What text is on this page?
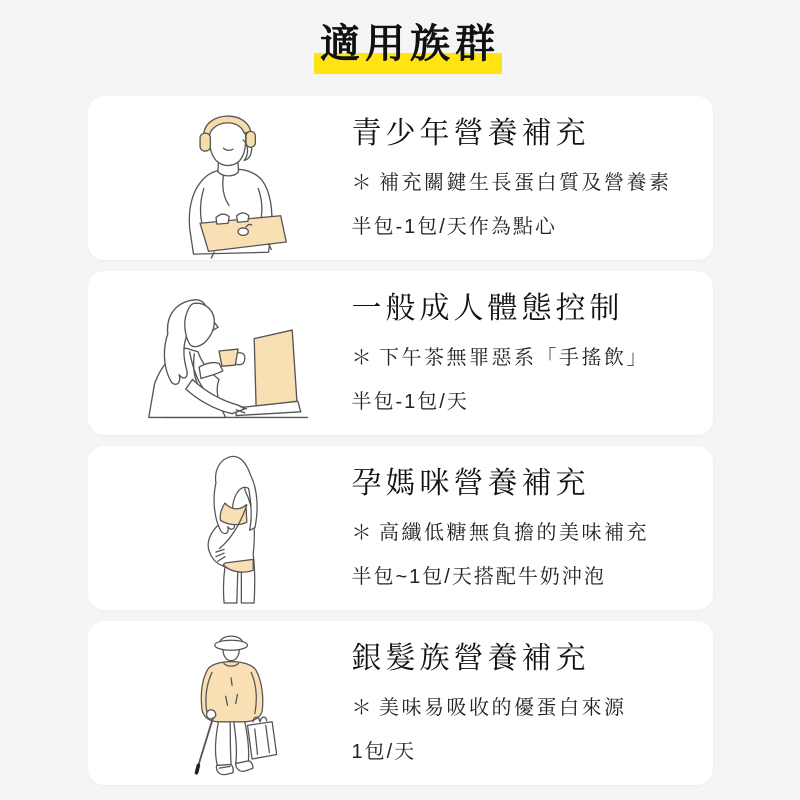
適用族群
青少年營養補充

＊ 補充關鍵生長蛋白質及營養素

半包-1包/天作為點心

一般成人體態控制

＊ 下午茶無罪惡系「手搖飲」

半包-1包/天

孕媽咪營養補充

＊ 高纖低糖無負擔的美味補充

半包~1包/天搭配牛奶沖泡

銀髮族營養補充

＊ 美味易吸收的優蛋白來源

1包/天
